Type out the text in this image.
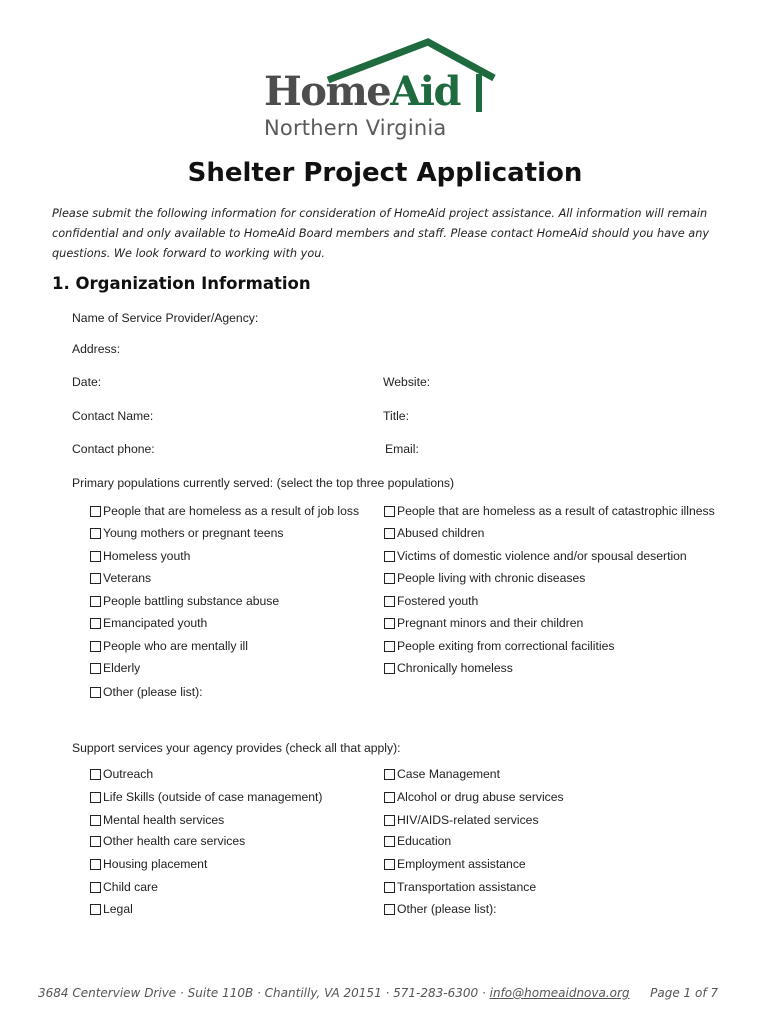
HomeAid
Northern Virginia
Shelter Project Application

Please submit the following information for consideration of HomeAid project assistance. All information will remain confidential and only available to HomeAid Board members and staff. Please contact HomeAid should you have any questions. We look forward to working with you.

1. Organization Information
Name of Service Provider/Agency:
Address:
Date:	Website:
Contact Name:	Title:
Contact phone:	Email:
Primary populations currently served: (select the top three populations)
People that are homeless as a result of job loss
Young mothers or pregnant teens
Homeless youth
Veterans
People battling substance abuse
Emancipated youth
People who are mentally ill
Elderly
Other (please list):
People that are homeless as a result of catastrophic illness
Abused children
Victims of domestic violence and/or spousal desertion
People living with chronic diseases
Fostered youth
Pregnant minors and their children
People exiting from correctional facilities
Chronically homeless
Support services your agency provides (check all that apply):
Outreach
Life Skills (outside of case management)
Mental health services
Other health care services
Housing placement
Child care
Legal
Case Management
Alcohol or drug abuse services
HIV/AIDS-related services
Education
Employment assistance
Transportation assistance
Other (please list):
3684 Centerview Drive · Suite 110B · Chantilly, VA 20151 · 571-283-6300 · info@homeaidnova.org Page 1 of 7
